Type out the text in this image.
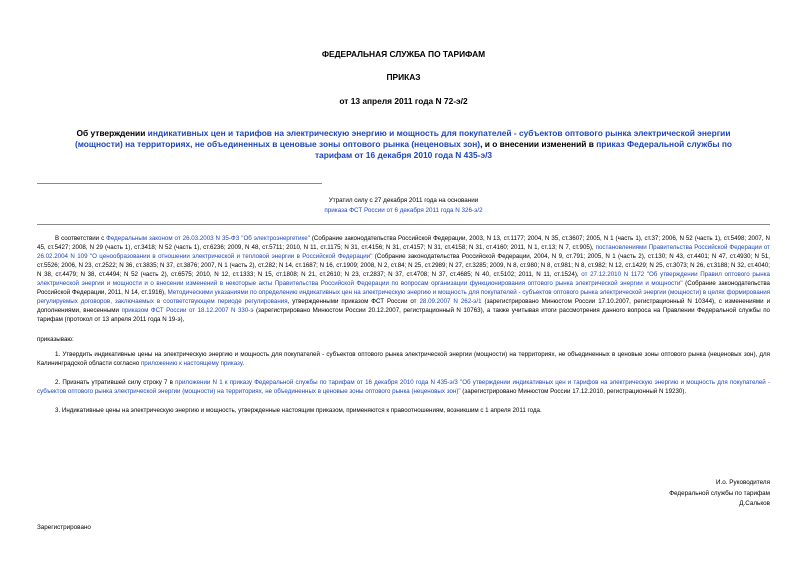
ФЕДЕРАЛЬНАЯ СЛУЖБА ПО ТАРИФАМ
ПРИКАЗ
от 13 апреля 2011 года N 72-э/2
Об утверждении индикативных цен и тарифов на электрическую энергию и мощность для покупателей - субъектов оптового рынка электрической энергии (мощности) на территориях, не объединенных в ценовые зоны оптового рынка (неценовых зон), и о внесении изменений в приказ Федеральной службы по тарифам от 16 декабря 2010 года N 435-э/3
Утратил силу с 27 декабря 2011 года на основании
приказа ФСТ России от 6 декабря 2011 года N 326-э/2

В соответствии с Федеральным законом от 26.03.2003 N 35-ФЗ "Об электроэнергетике" (Собрание законодательства Российской Федерации, 2003, N 13, ст.1177; 2004, N 35, ст.3607; 2005, N 1 (часть 1), ст.37; 2006, N 52 (часть 1), ст.5498; 2007, N 45, ст.5427; 2008, N 29 (часть 1), ст.3418; N 52 (часть 1), ст.6236; 2009, N 48, ст.5711; 2010, N 11, ст.1175; N 31, ст.4156; N 31, ст.4157; N 31, ст.4158; N 31, ст.4160; 2011, N 1, ст.13; N 7, ст.905), постановлениями Правительства Российской Федерации от 26.02.2004 N 109 "О ценообразовании в отношении электрической и тепловой энергии в Российской Федерации" (Собрание законодательства Российской Федерации, 2004, N 9, ст.791; 2005, N 1 (часть 2), ст.130; N 43, ст.4401; N 47, ст.4930; N 51, ст.5526; 2006, N 23, ст.2522; N 36, ст.3835; N 37, ст.3876; 2007, N 1 (часть 2), ст.282; N 14, ст.1687; N 16, ст.1909; 2008, N 2, ст.84; N 25, ст.2989; N 27, ст.3285; 2009, N 8, ст.980; N 8, ст.981; N 8, ст.982; N 12, ст.1429; N 25, ст.3073; N 26, ст.3188; N 32, ст.4040; N 38, ст.4479; N 38, ст.4494; N 52 (часть 2), ст.6575; 2010, N 12, ст.1333; N 15, ст.1808; N 21, ст.2610; N 23, ст.2837; N 37, ст.4708; N 37, ст.4685; N 40, ст.5102; 2011, N 11, ст.1524), от 27.12.2010 N 1172 "Об утверждении Правил оптового рынка электрической энергии и мощности и о внесении изменений в некоторые акты Правительства Российской Федерации по вопросам организации функционирования оптового рынка электрической энергии и мощности" (Собрание законодательства Российской Федерации, 2011, N 14, ст.1916), Методическими указаниями по определению индикативных цен на электрическую энергию и мощность для покупателей - субъектов оптового рынка электрической энергии (мощности) в целях формирования регулируемых договоров, заключаемых в соответствующем периоде регулирования, утвержденными приказом ФСТ России от 28.09.2007 N 262-э/1 (зарегистрировано Минюстом России 17.10.2007, регистрационный N 10344), с изменениями и дополнениями, внесенными приказом ФСТ России от 18.12.2007 N 330-э (зарегистрировано Минюстом России 20.12.2007, регистрационный N 10763), а также учитывая итоги рассмотрения данного вопроса на Правлении Федеральной службы по тарифам (протокол от 13 апреля 2011 года N 19-э),

приказываю:

1. Утвердить индикативные цены на электрическую энергию и мощность для покупателей - субъектов оптового рынка электрической энергии (мощности) на территориях, не объединенных в ценовые зоны оптового рынка (неценовых зон), для Калининградской области согласно приложению к настоящему приказу.

2. Признать утратившей силу строку 7 в приложении N 1 к приказу Федеральной службы по тарифам от 16 декабря 2010 года N 435-э/3 "Об утверждении индикативных цен и тарифов на электрическую энергию и мощность для покупателей - субъектов оптового рынка электрической энергии (мощности) на территориях, не объединенных в ценовые зоны оптового рынка (неценовых зон)" (зарегистрировано Минюстом России 17.12.2010, регистрационный N 19230).

3. Индикативные цены на электрическую энергию и мощность, утвержденные настоящим приказом, применяются к правоотношениям, возникшим с 1 апреля 2011 года.

И.о. Руководителя
Федеральной службы по тарифам
Д.Сальков
Зарегистрировано
